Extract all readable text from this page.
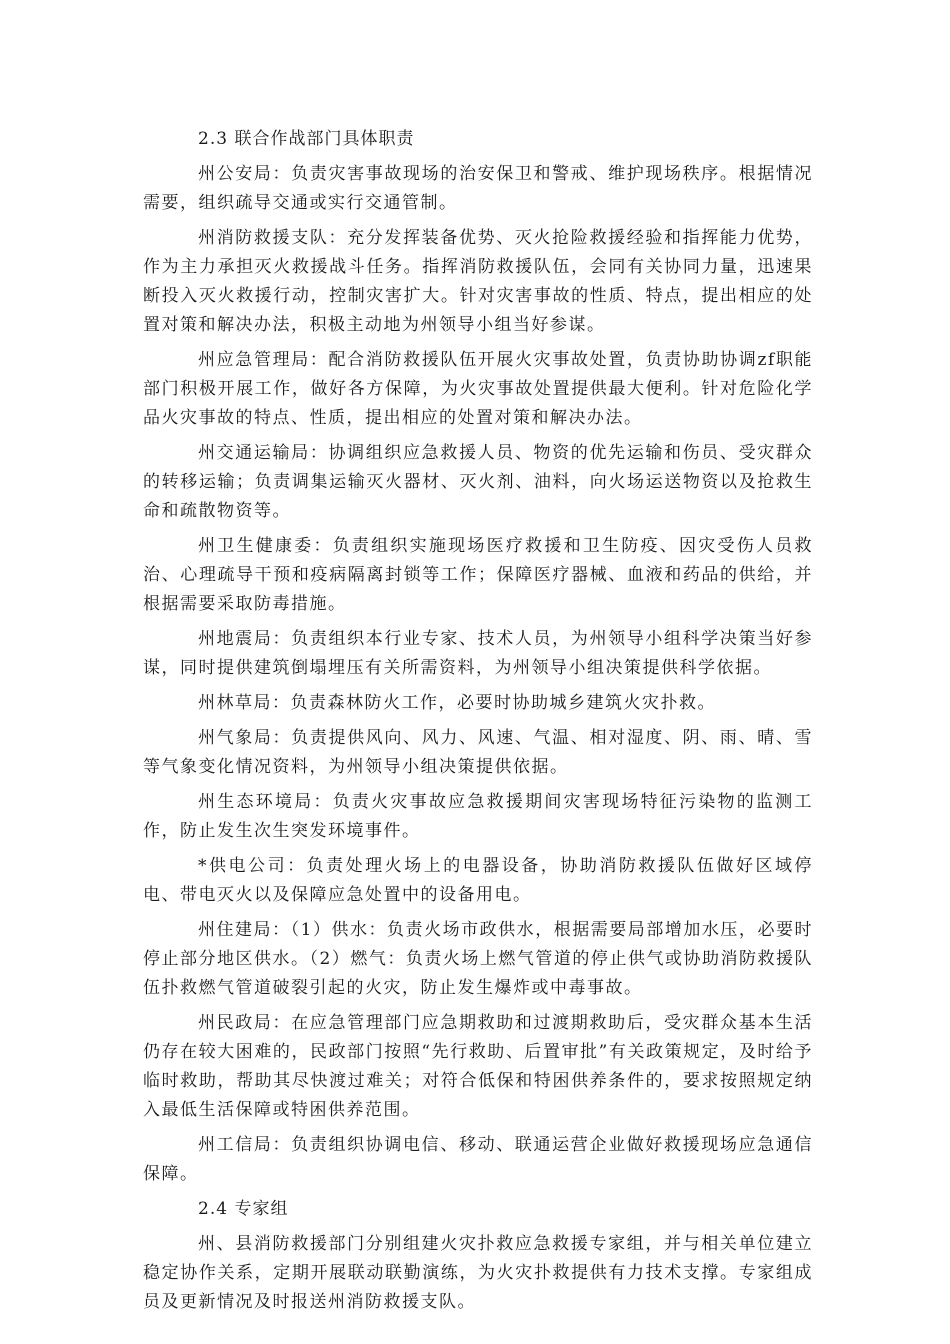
2.3 联合作战部门具体职责

州公安局：负责灾害事故现场的治安保卫和警戒、维护现场秩序。根据情况需要，组织疏导交通或实行交通管制。

州消防救援支队：充分发挥装备优势、灭火抢险救援经验和指挥能力优势，作为主力承担灭火救援战斗任务。指挥消防救援队伍，会同有关协同力量，迅速果断投入灭火救援行动，控制灾害扩大。针对灾害事故的性质、特点，提出相应的处置对策和解决办法，积极主动地为州领导小组当好参谋。

州应急管理局：配合消防救援队伍开展火灾事故处置，负责协助协调zf职能部门积极开展工作，做好各方保障，为火灾事故处置提供最大便利。针对危险化学品火灾事故的特点、性质，提出相应的处置对策和解决办法。

州交通运输局：协调组织应急救援人员、物资的优先运输和伤员、受灾群众的转移运输；负责调集运输灭火器材、灭火剂、油料，向火场运送物资以及抢救生命和疏散物资等。

州卫生健康委：负责组织实施现场医疗救援和卫生防疫、因灾受伤人员救治、心理疏导干预和疫病隔离封锁等工作；保障医疗器械、血液和药品的供给，并根据需要采取防毒措施。

州地震局：负责组织本行业专家、技术人员，为州领导小组科学决策当好参谋，同时提供建筑倒塌埋压有关所需资料，为州领导小组决策提供科学依据。

州林草局：负责森林防火工作，必要时协助城乡建筑火灾扑救。

州气象局：负责提供风向、风力、风速、气温、相对湿度、阴、雨、晴、雪等气象变化情况资料，为州领导小组决策提供依据。

州生态环境局：负责火灾事故应急救援期间灾害现场特征污染物的监测工作，防止发生次生突发环境事件。

*供电公司：负责处理火场上的电器设备，协助消防救援队伍做好区域停电、带电灭火以及保障应急处置中的设备用电。

州住建局：（1）供水：负责火场市政供水，根据需要局部增加水压，必要时停止部分地区供水。（2）燃气：负责火场上燃气管道的停止供气或协助消防救援队伍扑救燃气管道破裂引起的火灾，防止发生爆炸或中毒事故。

州民政局：在应急管理部门应急期救助和过渡期救助后，受灾群众基本生活仍存在较大困难的，民政部门按照“先行救助、后置审批”有关政策规定，及时给予临时救助，帮助其尽快渡过难关；对符合低保和特困供养条件的，要求按照规定纳入最低生活保障或特困供养范围。

州工信局：负责组织协调电信、移动、联通运营企业做好救援现场应急通信保障。

2.4 专家组

州、县消防救援部门分别组建火灾扑救应急救援专家组，并与相关单位建立稳定协作关系，定期开展联动联勤演练，为火灾扑救提供有力技术支撑。专家组成员及更新情况及时报送州消防救援支队。
